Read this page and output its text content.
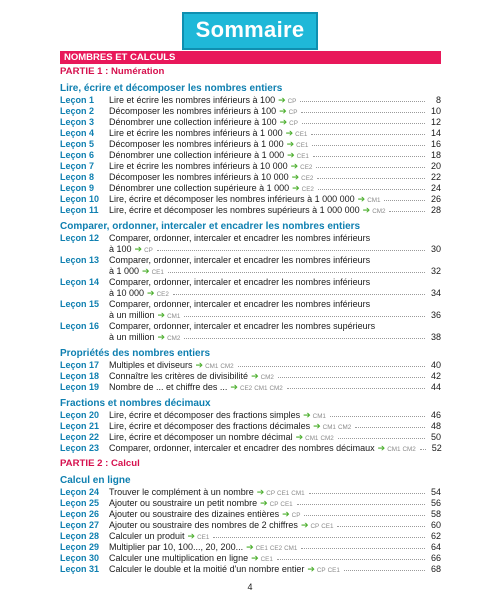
Sommaire
NOMBRES ET CALCULS
PARTIE 1 : Numération
Lire, écrire et décomposer les nombres entiers
Leçon 1	Lire et écrire les nombres inférieurs à 100 ➔ CP	8
Leçon 2	Décomposer les nombres inférieurs à 100 ➔ CP	10
Leçon 3	Dénombrer une collection inférieure à 100 ➔ CP	12
Leçon 4	Lire et écrire les nombres inférieurs à 1 000 ➔ CE1	14
Leçon 5	Décomposer les nombres inférieurs à 1 000 ➔ CE1	16
Leçon 6	Dénombrer une collection inférieure à 1 000 ➔ CE1	18
Leçon 7	Lire et écrire les nombres inférieurs à 10 000 ➔ CE2	20
Leçon 8	Décomposer les nombres inférieurs à 10 000 ➔ CE2	22
Leçon 9	Dénombrer une collection supérieure à 1 000 ➔ CE2	24
Leçon 10	Lire, écrire et décomposer les nombres inférieurs à 1 000 000 ➔ CM1	26
Leçon 11	Lire, écrire et décomposer les nombres supérieurs à 1 000 000 ➔ CM2	28
Comparer, ordonner, intercaler et encadrer les nombres entiers
Leçon 12	Comparer, ordonner, intercaler et encadrer les nombres inférieurs
à 100 ➔ CP	30
Leçon 13	Comparer, ordonner, intercaler et encadrer les nombres inférieurs
à 1 000 ➔ CE1	32
Leçon 14	Comparer, ordonner, intercaler et encadrer les nombres inférieurs
à 10 000 ➔ CE2	34
Leçon 15	Comparer, ordonner, intercaler et encadrer les nombres inférieurs
à un million ➔ CM1	36
Leçon 16	Comparer, ordonner, intercaler et encadrer les nombres supérieurs
à un million ➔ CM2	38
Propriétés des nombres entiers
Leçon 17	Multiples et diviseurs ➔ CM1 CM2	40
Leçon 18	Connaître les critères de divisibilité ➔ CM2	42
Leçon 19	Nombre de ... et chiffre des ... ➔ CE2 CM1 CM2	44
Fractions et nombres décimaux
Leçon 20	Lire, écrire et décomposer des fractions simples ➔ CM1	46
Leçon 21	Lire, écrire et décomposer des fractions décimales ➔ CM1 CM2	48
Leçon 22	Lire, écrire et décomposer un nombre décimal ➔ CM1 CM2	50
Leçon 23	Comparer, ordonner, intercaler et encadrer des nombres décimaux ➔ CM1 CM2	52
PARTIE 2 : Calcul
Calcul en ligne
Leçon 24	Trouver le complément à un nombre ➔ CP CE1 CM1	54
Leçon 25	Ajouter ou soustraire un petit nombre ➔ CP CE1	56
Leçon 26	Ajouter ou soustraire des dizaines entières ➔ CP	58
Leçon 27	Ajouter ou soustraire des nombres de 2 chiffres ➔ CP CE1	60
Leçon 28	Calculer un produit ➔ CE1	62
Leçon 29	Multiplier par 10, 100..., 20, 200... ➔ CE1 CE2 CM1	64
Leçon 30	Calculer une multiplication en ligne ➔ CE1	66
Leçon 31	Calculer le double et la moitié d'un nombre entier ➔ CP CE1	68
4
